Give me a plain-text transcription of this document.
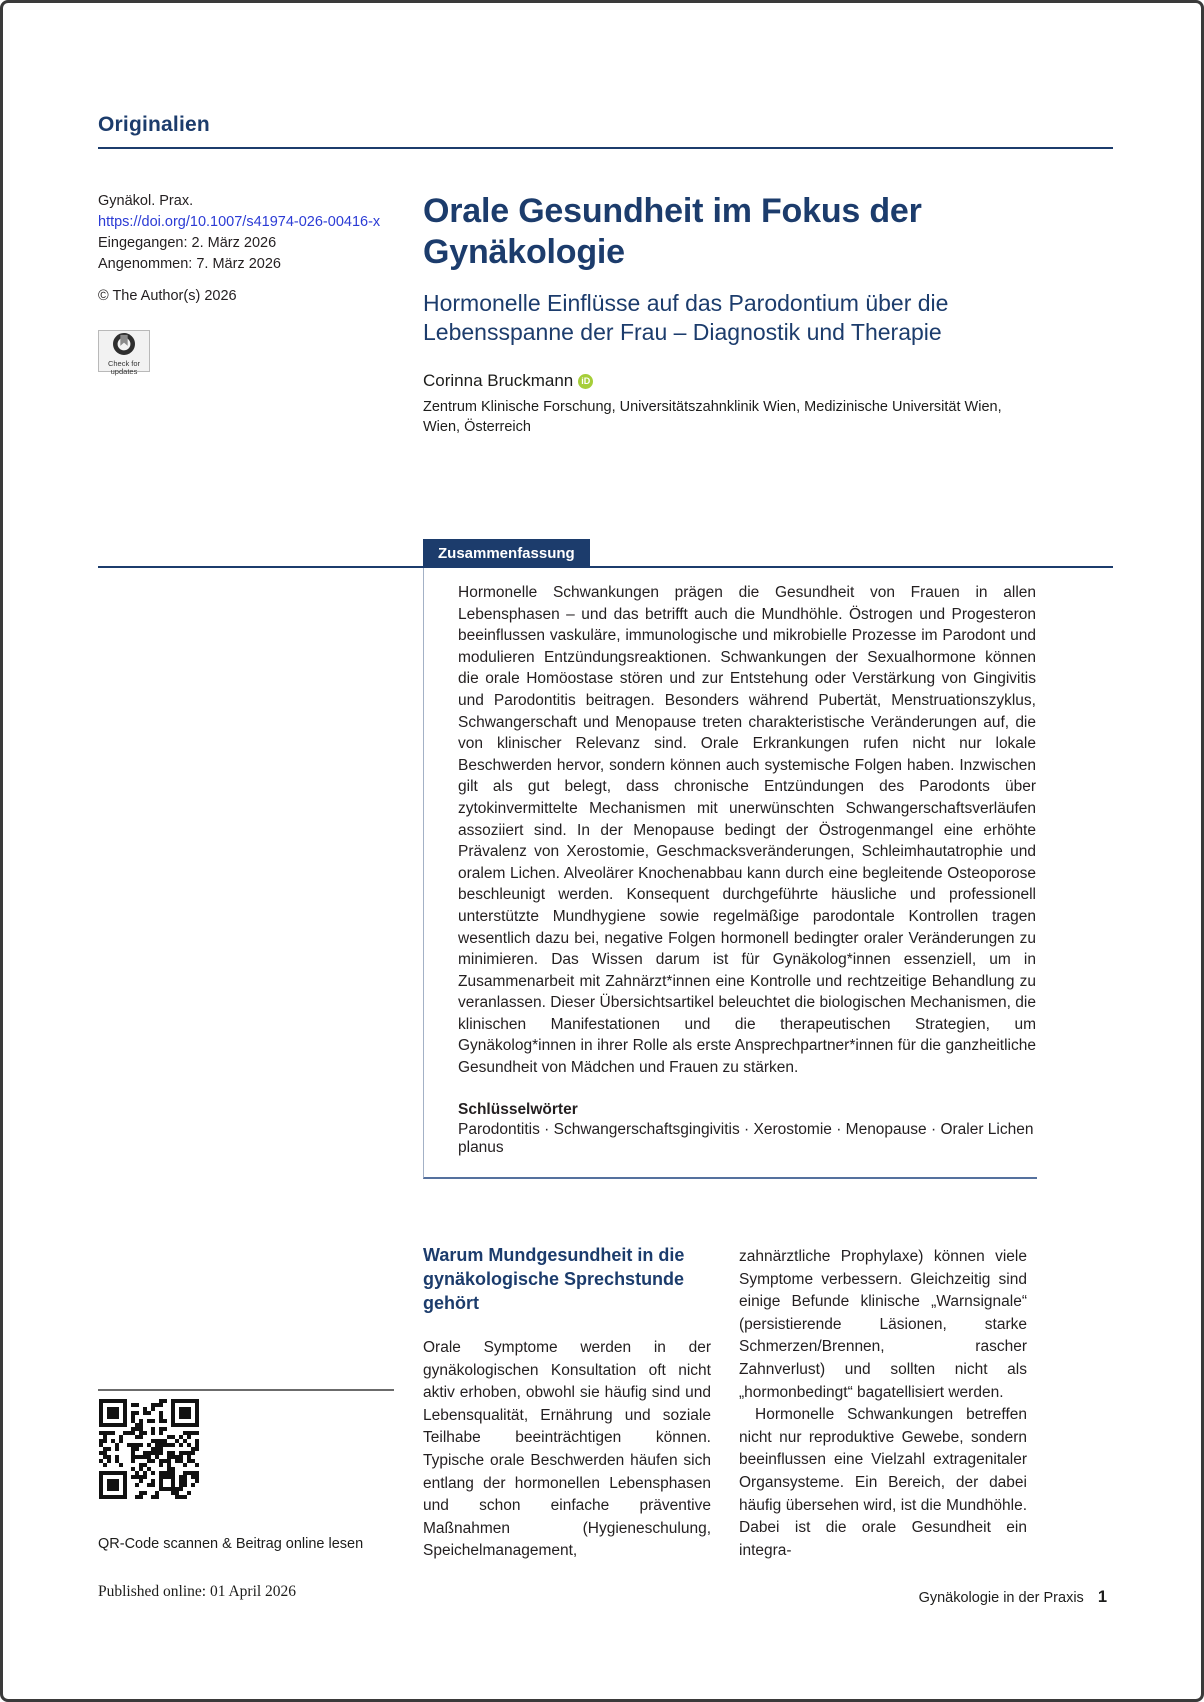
Originalien
Gynäkol. Prax.
https://doi.org/10.1007/s41974-026-00416-x
Eingegangen: 2. März 2026
Angenommen: 7. März 2026
© The Author(s) 2026
Check for
updates
Orale Gesundheit im Fokus der Gynäkologie
Hormonelle Einflüsse auf das Parodontium über die Lebensspanne der Frau – Diagnostik und Therapie
Corinna Bruckmann iD
Zentrum Klinische Forschung, Universitätszahnklinik Wien, Medizinische Universität Wien, Wien, Österreich
Zusammenfassung
Hormonelle Schwankungen prägen die Gesundheit von Frauen in allen Lebensphasen – und das betrifft auch die Mundhöhle. Östrogen und Progesteron beeinflussen vaskuläre, immunologische und mikrobielle Prozesse im Parodont und modulieren Entzündungsreaktionen. Schwankungen der Sexualhormone können die orale Homöostase stören und zur Entstehung oder Verstärkung von Gingivitis und Parodontitis beitragen. Besonders während Pubertät, Menstruationszyklus, Schwangerschaft und Menopause treten charakteristische Veränderungen auf, die von klinischer Relevanz sind. Orale Erkrankungen rufen nicht nur lokale Beschwerden hervor, sondern können auch systemische Folgen haben. Inzwischen gilt als gut belegt, dass chronische Entzündungen des Parodonts über zytokinvermittelte Mechanismen mit unerwünschten Schwangerschaftsverläufen assoziiert sind. In der Menopause bedingt der Östrogenmangel eine erhöhte Prävalenz von Xerostomie, Geschmacksveränderungen, Schleimhautatrophie und oralem Lichen. Alveolärer Knochenabbau kann durch eine begleitende Osteoporose beschleunigt werden. Konsequent durchgeführte häusliche und professionell unterstützte Mundhygiene sowie regelmäßige parodontale Kontrollen tragen wesentlich dazu bei, negative Folgen hormonell bedingter oraler Veränderungen zu minimieren. Das Wissen darum ist für Gynäkolog*innen essenziell, um in Zusammenarbeit mit Zahnärzt*innen eine Kontrolle und rechtzeitige Behandlung zu veranlassen. Dieser Übersichtsartikel beleuchtet die biologischen Mechanismen, die klinischen Manifestationen und die therapeutischen Strategien, um Gynäkolog*innen in ihrer Rolle als erste Ansprechpartner*innen für die ganzheitliche Gesundheit von Mädchen und Frauen zu stärken.
Schlüsselwörter
Parodontitis · Schwangerschaftsgingivitis · Xerostomie · Menopause · Oraler Lichen planus
Warum Mundgesundheit in die gynäkologische Sprechstunde gehört

Orale Symptome werden in der gynäkologischen Konsultation oft nicht aktiv erhoben, obwohl sie häufig sind und Lebensqualität, Ernährung und soziale Teilhabe beeinträchtigen können. Typische orale Beschwerden häufen sich entlang der hormonellen Lebensphasen und schon einfache präventive Maßnahmen (Hygieneschulung, Speichelmanagement,

zahnärztliche Prophylaxe) können viele Symptome verbessern. Gleichzeitig sind einige Befunde klinische „Warnsignale“ (persistierende Läsionen, starke Schmerzen/Brennen, rascher Zahnverlust) und sollten nicht als „hormonbedingt“ bagatellisiert werden.

Hormonelle Schwankungen betreffen nicht nur reproduktive Gewebe, sondern beeinflussen eine Vielzahl extragenitaler Organsysteme. Ein Bereich, der dabei häufig übersehen wird, ist die Mundhöhle. Dabei ist die orale Gesundheit ein integra-

QR-Code scannen & Beitrag online lesen
Published online: 01 April 2026	Gynäkologie in der Praxis 1
